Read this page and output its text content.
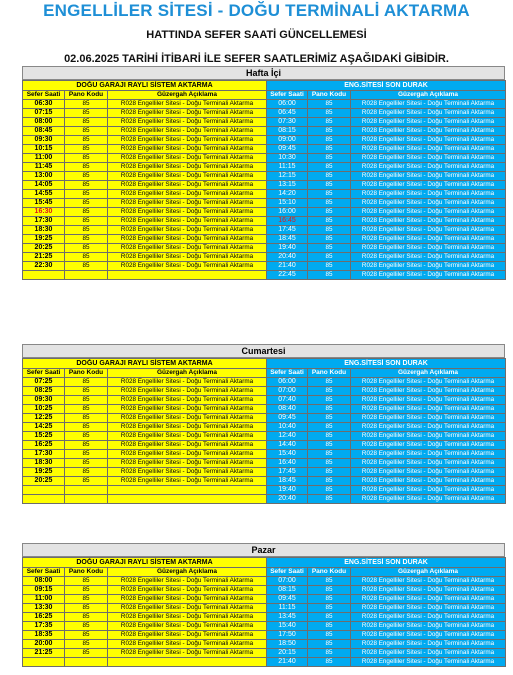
ENGELLİLER SİTESİ - DOĞU TERMİNALİ AKTARMA
HATTINDA SEFER SAATİ GÜNCELLEMESİ
02.06.2025 TARİHİ İTİBARİ İLE SEFER SAATLERİMİZ AŞAĞIDAKİ GİBİDİR.
Hafta İçi
DOĞU GARAJI RAYLI SİSTEM AKTARMA		
Sefer Saati	Pano Kodu	Güzergah Açıklama
06:30	85	R028 Engelliler Sitesi - Doğu Terminali Aktarma
07:15	85	R028 Engelliler Sitesi - Doğu Terminali Aktarma
08:00	85	R028 Engelliler Sitesi - Doğu Terminali Aktarma
08:45	85	R028 Engelliler Sitesi - Doğu Terminali Aktarma
09:30	85	R028 Engelliler Sitesi - Doğu Terminali Aktarma
10:15	85	R028 Engelliler Sitesi - Doğu Terminali Aktarma
11:00	85	R028 Engelliler Sitesi - Doğu Terminali Aktarma
11:45	85	R028 Engelliler Sitesi - Doğu Terminali Aktarma
13:00	85	R028 Engelliler Sitesi - Doğu Terminali Aktarma
14:05	85	R028 Engelliler Sitesi - Doğu Terminali Aktarma
14:55	85	R028 Engelliler Sitesi - Doğu Terminali Aktarma
15:45	85	R028 Engelliler Sitesi - Doğu Terminali Aktarma
16:30	85	R028 Engelliler Sitesi - Doğu Terminali Aktarma
17:30	85	R028 Engelliler Sitesi - Doğu Terminali Aktarma
18:30	85	R028 Engelliler Sitesi - Doğu Terminali Aktarma
19:25	85	R028 Engelliler Sitesi - Doğu Terminali Aktarma
20:25	85	R028 Engelliler Sitesi - Doğu Terminali Aktarma
21:25	85	R028 Engelliler Sitesi - Doğu Terminali Aktarma
22:30	85	R028 Engelliler Sitesi - Doğu Terminali Aktarma

ENG.SİTESİ SON DURAK		
Sefer Saati	Pano Kodu	Güzergah Açıklama
06:00	85	R028 Engelliler Sitesi - Doğu Terminali Aktarma
06:45	85	R028 Engelliler Sitesi - Doğu Terminali Aktarma
07:30	85	R028 Engelliler Sitesi - Doğu Terminali Aktarma
08:15	85	R028 Engelliler Sitesi - Doğu Terminali Aktarma
09:00	85	R028 Engelliler Sitesi - Doğu Terminali Aktarma
09:45	85	R028 Engelliler Sitesi - Doğu Terminali Aktarma
10:30	85	R028 Engelliler Sitesi - Doğu Terminali Aktarma
11:15	85	R028 Engelliler Sitesi - Doğu Terminali Aktarma
12:15	85	R028 Engelliler Sitesi - Doğu Terminali Aktarma
13:15	85	R028 Engelliler Sitesi - Doğu Terminali Aktarma
14:20	85	R028 Engelliler Sitesi - Doğu Terminali Aktarma
15:10	85	R028 Engelliler Sitesi - Doğu Terminali Aktarma
16:00	85	R028 Engelliler Sitesi - Doğu Terminali Aktarma
16:45	85	R028 Engelliler Sitesi - Doğu Terminali Aktarma
17:45	85	R028 Engelliler Sitesi - Doğu Terminali Aktarma
18:45	85	R028 Engelliler Sitesi - Doğu Terminali Aktarma
19:40	85	R028 Engelliler Sitesi - Doğu Terminali Aktarma
20:40	85	R028 Engelliler Sitesi - Doğu Terminali Aktarma
21:40	85	R028 Engelliler Sitesi - Doğu Terminali Aktarma
22:45	85	R028 Engelliler Sitesi - Doğu Terminali Aktarma
Cumartesi
DOĞU GARAJI RAYLI SİSTEM AKTARMA		
Sefer Saati	Pano Kodu	Güzergah Açıklama
07:25	85	R028 Engelliler Sitesi - Doğu Terminali Aktarma
08:25	85	R028 Engelliler Sitesi - Doğu Terminali Aktarma
09:30	85	R028 Engelliler Sitesi - Doğu Terminali Aktarma
10:25	85	R028 Engelliler Sitesi - Doğu Terminali Aktarma
12:25	85	R028 Engelliler Sitesi - Doğu Terminali Aktarma
14:25	85	R028 Engelliler Sitesi - Doğu Terminali Aktarma
15:25	85	R028 Engelliler Sitesi - Doğu Terminali Aktarma
16:25	85	R028 Engelliler Sitesi - Doğu Terminali Aktarma
17:30	85	R028 Engelliler Sitesi - Doğu Terminali Aktarma
18:30	85	R028 Engelliler Sitesi - Doğu Terminali Aktarma
19:25	85	R028 Engelliler Sitesi - Doğu Terminali Aktarma
20:25	85	R028 Engelliler Sitesi - Doğu Terminali Aktarma

ENG.SİTESİ SON DURAK		
Sefer Saati	Pano Kodu	Güzergah Açıklama
06:00	85	R028 Engelliler Sitesi - Doğu Terminali Aktarma
07:00	85	R028 Engelliler Sitesi - Doğu Terminali Aktarma
07:40	85	R028 Engelliler Sitesi - Doğu Terminali Aktarma
08:40	85	R028 Engelliler Sitesi - Doğu Terminali Aktarma
09:45	85	R028 Engelliler Sitesi - Doğu Terminali Aktarma
10:40	85	R028 Engelliler Sitesi - Doğu Terminali Aktarma
12:40	85	R028 Engelliler Sitesi - Doğu Terminali Aktarma
14:40	85	R028 Engelliler Sitesi - Doğu Terminali Aktarma
15:40	85	R028 Engelliler Sitesi - Doğu Terminali Aktarma
16:40	85	R028 Engelliler Sitesi - Doğu Terminali Aktarma
17:45	85	R028 Engelliler Sitesi - Doğu Terminali Aktarma
18:45	85	R028 Engelliler Sitesi - Doğu Terminali Aktarma
19:40	85	R028 Engelliler Sitesi - Doğu Terminali Aktarma
20:40	85	R028 Engelliler Sitesi - Doğu Terminali Aktarma
Pazar
DOĞU GARAJI RAYLI SİSTEM AKTARMA		
Sefer Saati	Pano Kodu	Güzergah Açıklama
08:00	85	R028 Engelliler Sitesi - Doğu Terminali Aktarma
09:15	85	R028 Engelliler Sitesi - Doğu Terminali Aktarma
11:00	85	R028 Engelliler Sitesi - Doğu Terminali Aktarma
13:30	85	R028 Engelliler Sitesi - Doğu Terminali Aktarma
16:25	85	R028 Engelliler Sitesi - Doğu Terminali Aktarma
17:35	85	R028 Engelliler Sitesi - Doğu Terminali Aktarma
18:35	85	R028 Engelliler Sitesi - Doğu Terminali Aktarma
20:00	85	R028 Engelliler Sitesi - Doğu Terminali Aktarma
21:25	85	R028 Engelliler Sitesi - Doğu Terminali Aktarma

ENG.SİTESİ SON DURAK		
Sefer Saati	Pano Kodu	Güzergah Açıklama
07:00	85	R028 Engelliler Sitesi - Doğu Terminali Aktarma
08:15	85	R028 Engelliler Sitesi - Doğu Terminali Aktarma
09:45	85	R028 Engelliler Sitesi - Doğu Terminali Aktarma
11:15	85	R028 Engelliler Sitesi - Doğu Terminali Aktarma
13:45	85	R028 Engelliler Sitesi - Doğu Terminali Aktarma
15:40	85	R028 Engelliler Sitesi - Doğu Terminali Aktarma
17:50	85	R028 Engelliler Sitesi - Doğu Terminali Aktarma
18:50	85	R028 Engelliler Sitesi - Doğu Terminali Aktarma
20:15	85	R028 Engelliler Sitesi - Doğu Terminali Aktarma
21:40	85	R028 Engelliler Sitesi - Doğu Terminali Aktarma
